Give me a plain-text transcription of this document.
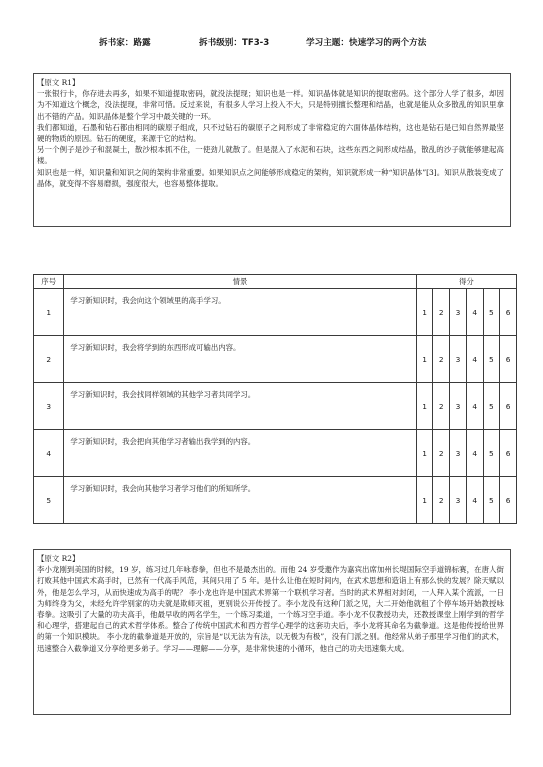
拆书家：路露	拆书级别：TF3-3	学习主题：快速学习的两个方法
【原文 R1】

一张银行卡，你存进去再多，如果不知道提取密码，就没法提现；知识也是一样。知识晶体就是知识的提取密码。这个部分人学了很多，却因为不知道这个概念，没法提现，非常可惜。反过来说，有很多人学习上投入不大，只是特别擅长整理和结晶，也就是能从众多散乱的知识里拿出不错的产品。知识晶体是整个学习中最关键的一环。

我们都知道，石墨和钻石都由相同的碳原子组成，只不过钻石的碳原子之间形成了非常稳定的六面体晶体结构，这也是钻石是已知自然界最坚硬的物质的原因。钻石的硬度，来源于它的结构。

另一个例子是沙子和混凝土，散沙根本抓不住，一使劲儿就散了。但是混入了水泥和石块，这些东西之间形成结晶，散乱的沙子就能够建起高楼。

知识也是一样，知识量和知识之间的架构非常重要。如果知识点之间能够形成稳定的架构，知识就形成一种“知识晶体”[3]。知识从散装变成了晶体，就变得不容易磨损，强度很大，也容易整体提取。

序号	情景	得分					
1	学习新知识时，我会向这个领域里的高手学习。	1	2	3	4	5	6
2	学习新知识时，我会将学到的东西形成可输出内容。	1	2	3	4	5	6
3	学习新知识时，我会找同样领域的其他学习者共同学习。	1	2	3	4	5	6
4	学习新知识时，我会把向其他学习者输出我学到的内容。	1	2	3	4	5	6
5	学习新知识时，我会向其他学习者学习他们的所知所学。	1	2	3	4	5	6
【原文 R2】

李小龙刚到美国的时候，19 岁，练习过几年咏春拳，但也不是最杰出的。而他 24 岁受邀作为嘉宾出席加州长堤国际空手道锦标赛，在唐人街打败其他中国武术高手时，已然有一代高手风范，其间只用了 5 年。是什么让他在短时间内，在武术思想和造诣上有那么快的发展？除天赋以外，他是怎么学习，从而快速成为高手的呢？ 李小龙也许是中国武术界第一个联机学习者。当时的武术界相对封闭，一人拜入某个流派，一日为师终身为父，未经允许学别家的功夫就是欺师灭祖，更别说公开传授了。李小龙没有这种门派之见，大二开始他就租了个停车场开始教授咏春拳。这吸引了大量的功夫高手，他最早收的两名学生，一个练习柔道，一个练习空手道。李小龙不仅教授功夫，还教授课堂上刚学到的哲学和心理学，搭建起自己的武术哲学体系。整合了传统中国武术和西方哲学心理学的这套功夫后，李小龙将其命名为截拳道。这是他传授给世界的第一个知识模块。 李小龙的截拳道是开放的，宗旨是“以无法为有法，以无极为有极”，没有门派之别。他经常从弟子那里学习他们的武术，迅速整合入截拳道又分享给更多弟子。学习——理解——分享，是非常快速的小循环，他自己的功夫迅速集大成。
